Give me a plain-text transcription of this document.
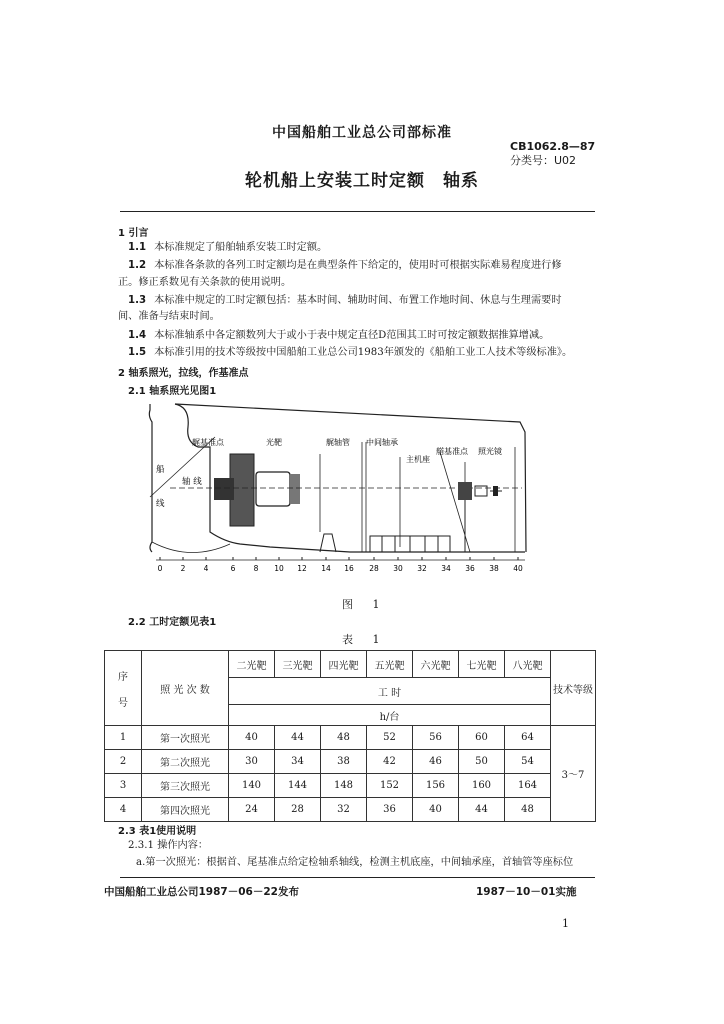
中国船舶工业总公司部标准
CB1062.8—87
分类号：U02
轮机船上安装工时定额 轴系
1 引言
1.1 本标准规定了船舶轴系安装工时定额。
1.2 本标准各条款的各列工时定额均是在典型条件下给定的，使用时可根据实际难易程度进行修
正。修正系数见有关条款的使用说明。
1.3 本标准中规定的工时定额包括：基本时间、辅助时间、布置工作地时间、休息与生理需要时
间、准备与结束时间。
1.4 本标准轴系中各定额数列大于或小于表中规定直径D范围其工时可按定额数据推算增减。
1.5 本标准引用的技术等级按中国船舶工业总公司1983年颁发的《船舶工业工人技术等级标准》。
2 轴系照光，拉线，作基准点
2.1 轴系照光见图1
艉基准点	光靶	艉轴管 中间轴承
主机座
艏基准点 照光镜
轴 线
船
线
0 2 4	6 8 10 12 14 16 28 30 32 34 36 38 40
图 1
2.2 工时定额见表1
表 1
序

号	照 光 次 数	二光靶	三光靶	四光靶	五光靶	六光靶	七光靶	八光靶	技术等级
		工 时							
		h/台							
1	第一次照光	40	44	48	52	56	60	64	3～7
2	第二次照光	30	34	38	42	46	50	54	
3	第三次照光	140	144	148	152	156	160	164	
4	第四次照光	24	28	32	36	40	44	48	
2.3 表1使用说明
2.3.1 操作内容：
a.第一次照光：根据首、尾基准点给定检轴系轴线，检测主机底座，中间轴承座，首轴管等座标位
中国船舶工业总公司1987－06－22发布	1987－10－01实施
1
